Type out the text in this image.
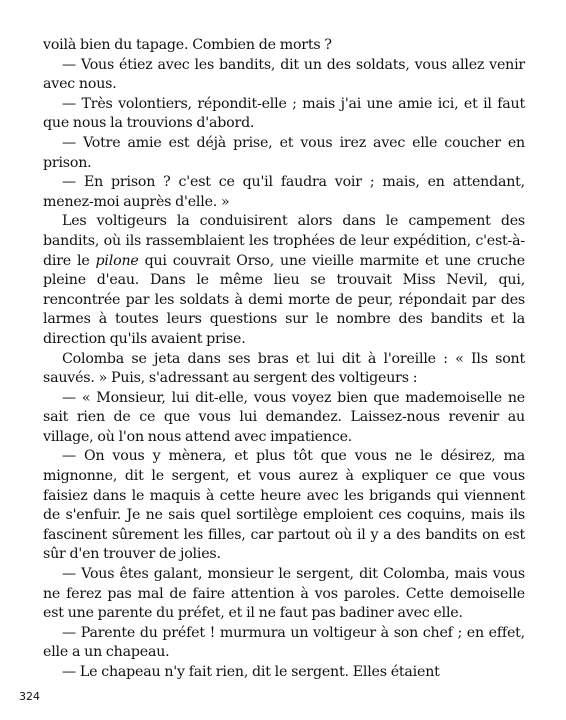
voilà bien du tapage. Combien de morts ?

— Vous étiez avec les bandits, dit un des soldats, vous allez venir avec nous.

— Très volontiers, répondit-elle ; mais j'ai une amie ici, et il faut que nous la trouvions d'abord.

— Votre amie est déjà prise, et vous irez avec elle coucher en prison.

— En prison ? c'est ce qu'il faudra voir ; mais, en attendant, menez-moi auprès d'elle. »

Les voltigeurs la conduisirent alors dans le campement des bandits, où ils rassemblaient les trophées de leur expédition, c'est-à-dire le pilone qui couvrait Orso, une vieille marmite et une cruche pleine d'eau. Dans le même lieu se trouvait Miss Nevil, qui, rencontrée par les soldats à demi morte de peur, répondait par des larmes à toutes leurs questions sur le nombre des bandits et la direction qu'ils avaient prise.

Colomba se jeta dans ses bras et lui dit à l'oreille : « Ils sont sauvés. » Puis, s'adressant au sergent des voltigeurs :

— « Monsieur, lui dit-elle, vous voyez bien que mademoiselle ne sait rien de ce que vous lui demandez. Laissez-nous revenir au village, où l'on nous attend avec impatience.

— On vous y mènera, et plus tôt que vous ne le désirez, ma mignonne, dit le sergent, et vous aurez à expliquer ce que vous faisiez dans le maquis à cette heure avec les brigands qui viennent de s'enfuir. Je ne sais quel sortilège emploient ces coquins, mais ils fascinent sûrement les filles, car partout où il y a des bandits on est sûr d'en trouver de jolies.

— Vous êtes galant, monsieur le sergent, dit Colomba, mais vous ne ferez pas mal de faire attention à vos paroles. Cette demoiselle est une parente du préfet, et il ne faut pas badiner avec elle.

— Parente du préfet ! murmura un voltigeur à son chef ; en effet, elle a un chapeau.

— Le chapeau n'y fait rien, dit le sergent. Elles étaient

324
